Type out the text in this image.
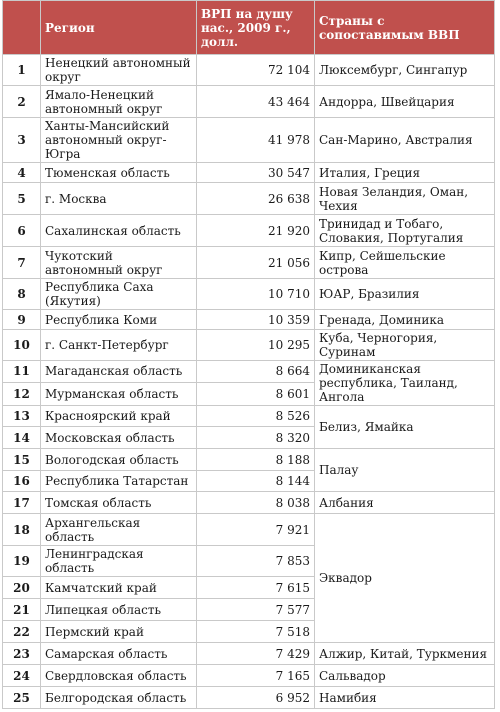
	Регион	ВРП на душу нас., 2009 г., долл.	Страны с сопоставимым ВВП
1	Ненецкий автономный округ	72 104	Люксембург, Сингапур
2	Ямало-Ненецкий автономный округ	43 464	Андорра, Швейцария
3	Ханты-Мансийский автономный округ-Югра	41 978	Сан-Марино, Австралия
4	Тюменская область	30 547	Италия, Греция
5	г. Москва	26 638	Новая Зеландия, Оман, Чехия
6	Сахалинская область	21 920	Тринидад и Тобаго, Словакия, Португалия
7	Чукотский автономный округ	21 056	Кипр, Сейшельские острова
8	Республика Саха (Якутия)	10 710	ЮАР, Бразилия
9	Республика Коми	10 359	Гренада, Доминика
10	г. Санкт-Петербург	10 295	Куба, Черногория, Суринам
11	Магаданская область	8 664	Доминиканская республика, Таиланд, Ангола
12	Мурманская область	8 601	
13	Красноярский край	8 526	Белиз, Ямайка
14	Московская область	8 320	
15	Вологодская область	8 188	Палау
16	Республика Татарстан	8 144	
17	Томская область	8 038	Албания
18	Архангельская область	7 921	Эквадор
19	Ленинградская область	7 853	
20	Камчатский край	7 615	
21	Липецкая область	7 577	
22	Пермский край	7 518	
23	Самарская область	7 429	Алжир, Китай, Туркмения
24	Свердловская область	7 165	Сальвадор
25	Белгородская область	6 952	Намибия
